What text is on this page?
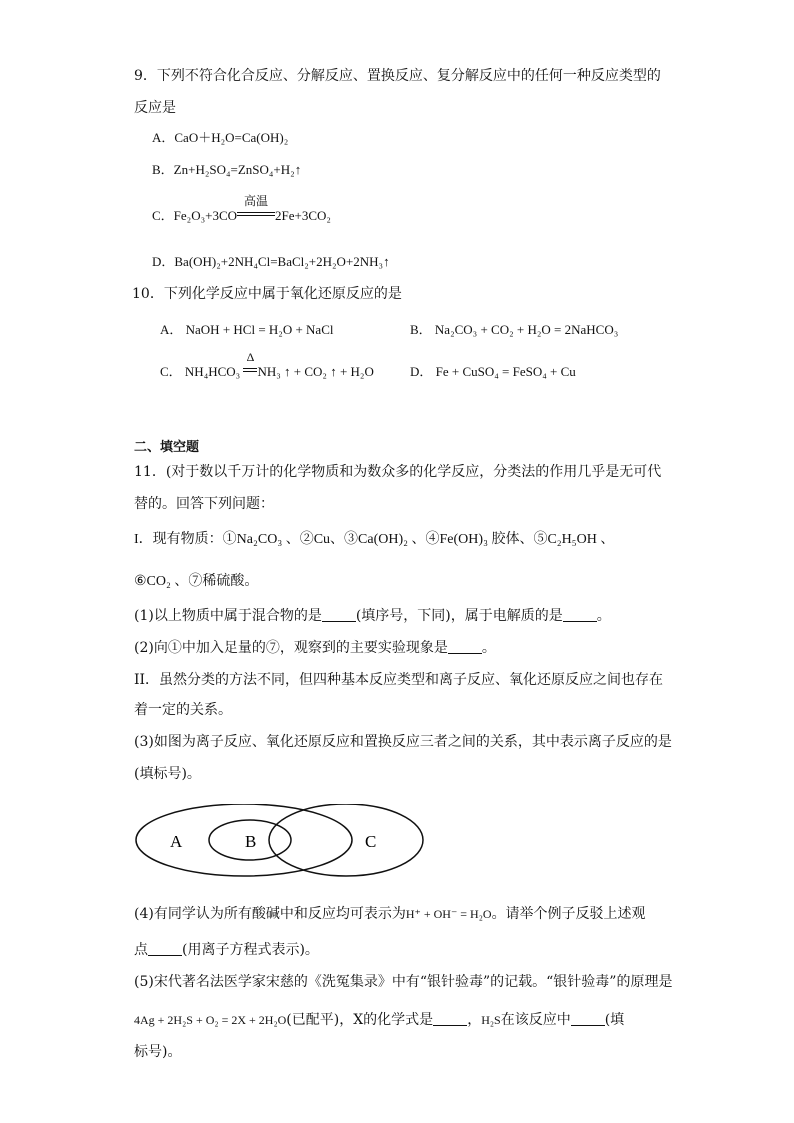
9．下列不符合化合反应、分解反应、置换反应、复分解反应中的任何一种反应类型的
反应是
A．CaO＋H₂O=Ca(OH)₂
B．Zn+H₂SO₄=ZnSO₄+H₂↑
C．Fe₂O₃+3CO
高温
2Fe+3CO₂
D．Ba(OH)₂+2NH₄Cl=BaCl₂+2H₂O+2NH₃↑
10．下列化学反应中属于氧化还原反应的是
A． NaOH + HCl = H₂O + NaCl	B． Na₂CO₃ + CO₂ + H₂O = 2NaHCO₃
C． NH₄HCO₃
Δ
NH₃ ↑ + CO₂ ↑ + H₂O	D． Fe + CuSO₄ = FeSO₄ + Cu
二、填空题
11．(对于数以千万计的化学物质和为数众多的化学反应，分类法的作用几乎是无可代
替的。回答下列问题：
I．现有物质：①Na₂CO₃ 、②Cu、③Ca(OH)₂ 、④Fe(OH)₃ 胶体、⑤C₂H₅OH 、
⑥CO₂ 、⑦稀硫酸。
(1)以上物质中属于混合物的是 (填序号，下同)，属于电解质的是 。
(2)向①中加入足量的⑦，观察到的主要实验现象是 。
II．虽然分类的方法不同，但四种基本反应类型和离子反应、氧化还原反应之间也存在
着一定的关系。
(3)如图为离子反应、氧化还原反应和置换反应三者之间的关系，其中表示离子反应的是
(填标号)。
A	B	C
(4)有同学认为所有酸碱中和反应均可表示为H⁺ + OH⁻ = H₂O。请举个例子反驳上述观
点 (用离子方程式表示)。
(5)宋代著名法医学家宋慈的《洗冤集录》中有“银针验毒”的记载。“银针验毒”的原理是
4Ag + 2H₂S + O₂ = 2X + 2H₂O(已配平)，X的化学式是 ，H₂S在该反应中 (填
标号)。
